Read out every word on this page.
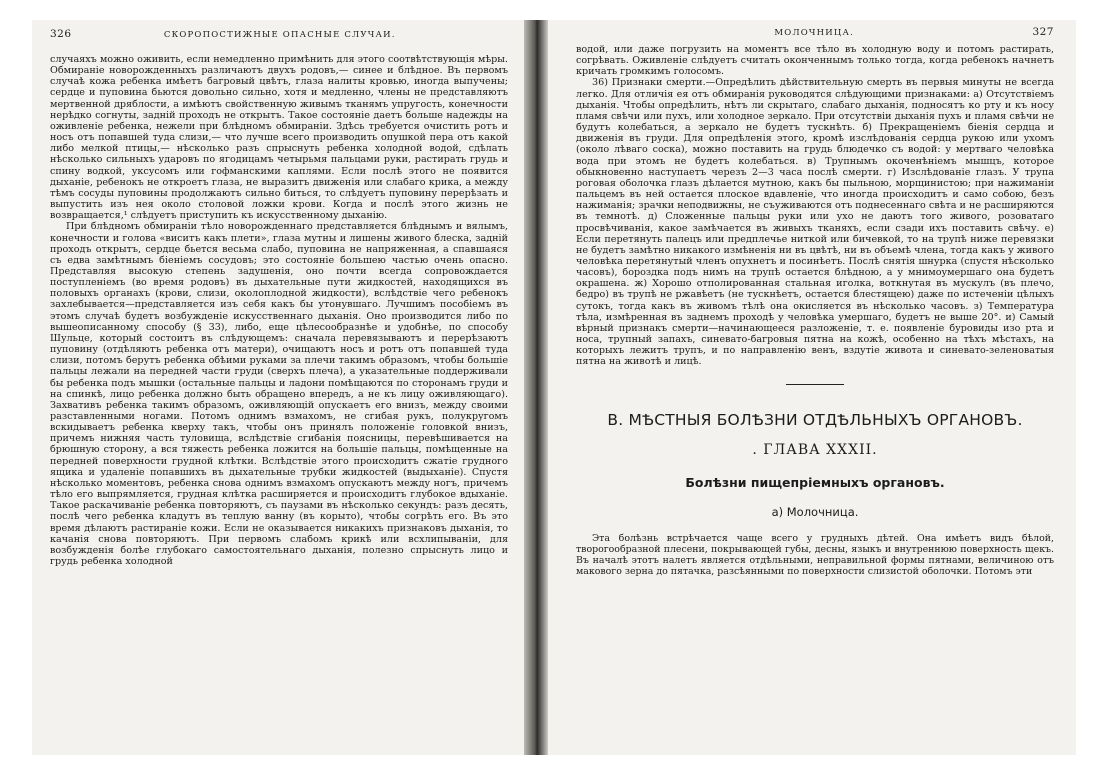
326	СКОРОПОСТИЖНЫЕ ОПАСНЫЕ СЛУЧАИ.

случаяхъ можно оживить, если немедленно примѣнить для этого соотвѣтствующія мѣры. Обмираніе новорожденныхъ различаютъ двухъ родовъ,— синее и блѣдное. Въ первомъ случаѣ кожа ребенка имѣетъ багровый цвѣтъ, глаза налиты кровью, иногда выпучены; сердце и пуповина бьются довольно сильно, хотя и медленно, члены не представляютъ мертвенной дряблости, а имѣютъ свойственную живымъ тканямъ упругость, конечности нерѣдко согнуты, задній проходъ не открытъ. Такое состояніе даетъ больше надежды на оживленіе ребенка, нежели при блѣдномъ обмираніи. Здѣсь требуется очистить ротъ и носъ отъ попавшей туда слизи,— что лучше всего производить опушкой пера отъ какой либо мелкой птицы,— нѣсколько разъ спрыснуть ребенка холодной водой, сдѣлать нѣсколько сильныхъ ударовъ по ягодицамъ четырьмя пальцами руки, растирать грудь и спину водкой, уксусомъ или гофманскими каплями. Если послѣ этого не появится дыханіе, ребенокъ не откроетъ глаза, не выразитъ движенія или слабаго крика, а между тѣмъ сосуды пуповины продолжаютъ сильно биться, то слѣдуетъ пуповину перерѣзать и выпустить изъ нея около столовой ложки крови. Когда и послѣ этого жизнь не возвращается,¹ слѣдуетъ приступить къ искусственному дыханію.

При блѣдномъ обмираніи тѣло новорожденнаго представляется блѣднымъ и вялымъ, конечности и голова «виситъ какъ плети», глаза мутны и лишены живого блеска, задній проходъ открытъ, сердце бьется весьма слабо, пуповина не напряженная, а спавшаяся съ едва замѣтнымъ біеніемъ сосудовъ; это состояніе большею частью очень опасно. Представляя высокую степень задушенія, оно почти всегда сопровождается поступленіемъ (во время родовъ) въ дыхательные пути жидкостей, находящихся въ половыхъ органахъ (крови, слизи, околоплодной жидкости), вслѣдствіе чего ребенокъ захлебывается—представляется изъ себя какъ бы утонувшаго. Лучшимъ пособіемъ въ этомъ случаѣ будетъ возбужденіе искусственнаго дыханія. Оно производится либо по вышеописанному способу (§ 33), либо, еще цѣлесообразнѣе и удобнѣе, по способу Шульце, который состоитъ въ слѣдующемъ: сначала перевязываютъ и перерѣзаютъ пуповину (отдѣляютъ ребенка отъ матери), очищаютъ носъ и ротъ отъ попавшей туда слизи, потомъ берутъ ребенка обѣими руками за плечи такимъ образомъ, чтобы большіе пальцы лежали на передней части груди (сверхъ плеча), а указательные поддерживали бы ребенка подъ мышки (остальные пальцы и ладони помѣщаются по сторонамъ груди и на спинкѣ, лицо ребенка должно быть обращено впередъ, а не къ лицу оживляющаго). Захвативъ ребенка такимъ образомъ, оживляющій опускаетъ его внизъ, между своими разставленными ногами. Потомъ однимъ взмахомъ, не сгибая рукъ, полукругомъ вскидываетъ ребенка кверху такъ, чтобы онъ принялъ положеніе головкой внизъ, причемъ нижняя часть туловища, вслѣдствіе сгибанія поясницы, перевѣшивается на брюшную сторону, а вся тяжесть ребенка ложится на большіе пальцы, помѣщенные на передней поверхности грудной клѣтки. Вслѣдствіе этого происходитъ сжатіе грудного ящика и удаленіе попавшихъ въ дыхательные трубки жидкостей (выдыханіе). Спустя нѣсколько моментовъ, ребенка снова однимъ взмахомъ опускаютъ между ногъ, причемъ тѣло его выпрямляется, грудная клѣтка расширяется и происходитъ глубокое вдыханіе. Такое раскачиваніе ребенка повторяютъ, съ паузами въ нѣсколько секундъ: разъ десять, послѣ чего ребенка кладутъ въ теплую ванну (въ корыто), чтобы согрѣть его. Въ это время дѣлаютъ растираніе кожи. Если не оказывается никакихъ признаковъ дыханія, то качанія снова повторяютъ. При первомъ слабомъ крикѣ или всхлипываніи, для возбужденія болѣе глубокаго самостоятельнаго дыханія, полезно спрыснуть лицо и грудь ребенка холодной

МОЛОЧНИЦА.	327

водой, или даже погрузить на моментъ все тѣло въ холодную воду и потомъ растирать, согрѣвать. Оживленіе слѣдуетъ считать оконченнымъ только тогда, когда ребенокъ начнетъ кричать громкимъ голосомъ.

36) Признаки смерти.—Опредѣлить дѣйствительную смерть въ первыя минуты не всегда легко. Для отличія ея отъ обмиранія руководятся слѣдующими признаками: а) Отсутствіемъ дыханія. Чтобы опредѣлить, нѣтъ ли скрытаго, слабаго дыханія, подносятъ ко рту и къ носу пламя свѣчи или пухъ, или холодное зеркало. При отсутствіи дыханія пухъ и пламя свѣчи не будутъ колебаться, а зеркало не будетъ тускнѣть. б) Прекращеніемъ біенія сердца и движенія въ груди. Для опредѣленія этого, кромѣ изслѣдованія сердца рукою или ухомъ (около лѣваго соска), можно поставить на грудь блюдечко съ водой: у мертваго человѣка вода при этомъ не будетъ колебаться. в) Трупнымъ окоченѣніемъ мышцъ, которое обыкновенно наступаетъ черезъ 2—3 часа послѣ смерти. г) Изслѣдованіе глазъ. У трупа роговая оболочка глазъ дѣлается мутною, какъ бы пыльною, морщинистою; при нажиманіи пальцемъ въ ней остается плоское вдавленіе, что иногда происходитъ и само собою, безъ нажиманія; зрачки неподвижны, не съуживаются отъ поднесеннаго свѣта и не расширяются въ темнотѣ. д) Сложенные пальцы руки или ухо не даютъ того живого, розоватаго просвѣчиванія, какое замѣчается въ живыхъ тканяхъ, если сзади ихъ поставить свѣчу. е) Если перетянуть палецъ или предплечье ниткой или бичевкой, то на трупѣ ниже перевязки не будетъ замѣтно никакого измѣненія ни въ цвѣтѣ, ни въ объемѣ члена, тогда какъ у живого человѣка перетянутый членъ опухнетъ и посинѣетъ. Послѣ снятія шнурка (спустя нѣсколько часовъ), бороздка подъ нимъ на трупѣ остается блѣдною, а у мнимоумершаго она будетъ окрашена. ж) Хорошо отполированная стальная иголка, воткнутая въ мускулъ (въ плечо, бедро) въ трупѣ не ржавѣетъ (не тускнѣетъ, остается блестящею) даже по истеченіи цѣлыхъ сутокъ, тогда какъ въ живомъ тѣлѣ она окисляется въ нѣсколько часовъ. з) Температура тѣла, измѣренная въ заднемъ проходѣ у человѣка умершаго, будетъ не выше 20°. и) Самый вѣрный признакъ смерти—начинающееся разложеніе, т. е. появленіе буровиды изо рта и носа, трупный запахъ, синевато-багровыя пятна на кожѣ, особенно на тѣхъ мѣстахъ, на которыхъ лежитъ трупъ, и по направленію венъ, вздутіе живота и синевато-зеленоватыя пятна на животѣ и лицѣ.

В. МѢСТНЫЯ БОЛѢЗНИ ОТДѢЛЬНЫХЪ ОРГАНОВЪ.
. ГЛАВА XXXII.
Болѣзни пищепріемныхъ органовъ.
а) Молочница.

Эта болѣзнь встрѣчается чаще всего у грудныхъ дѣтей. Она имѣетъ видъ бѣлой, творогообразной плесени, покрывающей губы, десны, языкъ и внутреннюю поверхность щекъ. Въ началѣ этотъ налетъ является отдѣльными, неправильной формы пятнами, величиною отъ макового зерна до пятачка, разсѣянными по поверхности слизистой оболочки. Потомъ эти
